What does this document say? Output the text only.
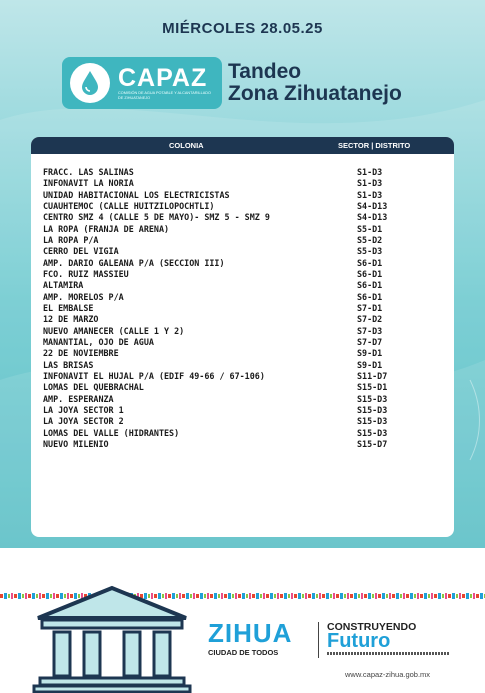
MIÉRCOLES 28.05.25
CAPAZ
COMISIÓN DE AGUA POTABLE Y ALCANTARILLADO DE ZIHUATANEJO
Tandeo
Zona Zihuatanejo
COLONIA	SECTOR | DISTRITO
FRACC. LAS SALINAS	S1-D3
INFONAVIT LA NORIA	S1-D3
UNIDAD HABITACIONAL LOS ELECTRICISTAS	S1-D3
CUAUHTEMOC (CALLE HUITZILOPOCHTLI)	S4-D13
CENTRO SMZ 4 (CALLE 5 DE MAYO)- SMZ 5 - SMZ 9	S4-D13
LA ROPA (FRANJA DE ARENA)	S5-D1
LA ROPA P/A	S5-D2
CERRO DEL VIGIA	S5-D3
AMP. DARIO GALEANA P/A (SECCION III)	S6-D1
FCO. RUIZ MASSIEU	S6-D1
ALTAMIRA	S6-D1
AMP. MORELOS P/A	S6-D1
EL EMBALSE	S7-D1
12 DE MARZO	S7-D2
NUEVO AMANECER (CALLE 1 Y 2)	S7-D3
MANANTIAL, OJO DE AGUA	S7-D7
22 DE NOVIEMBRE	S9-D1
LAS BRISAS	S9-D1
INFONAVIT EL HUJAL P/A (EDIF 49-66 / 67-106)	S11-D7
LOMAS DEL QUEBRACHAL	S15-D1
AMP. ESPERANZA	S15-D3
LA JOYA SECTOR 1	S15-D3
LA JOYA SECTOR 2	S15-D3
LOMAS DEL VALLE (HIDRANTES)	S15-D3
NUEVO MILENIO	S15-D7
ZIHUA
CIUDAD DE TODOS
CONSTRUYENDO
Futuro
www.capaz-zihua.gob.mx
